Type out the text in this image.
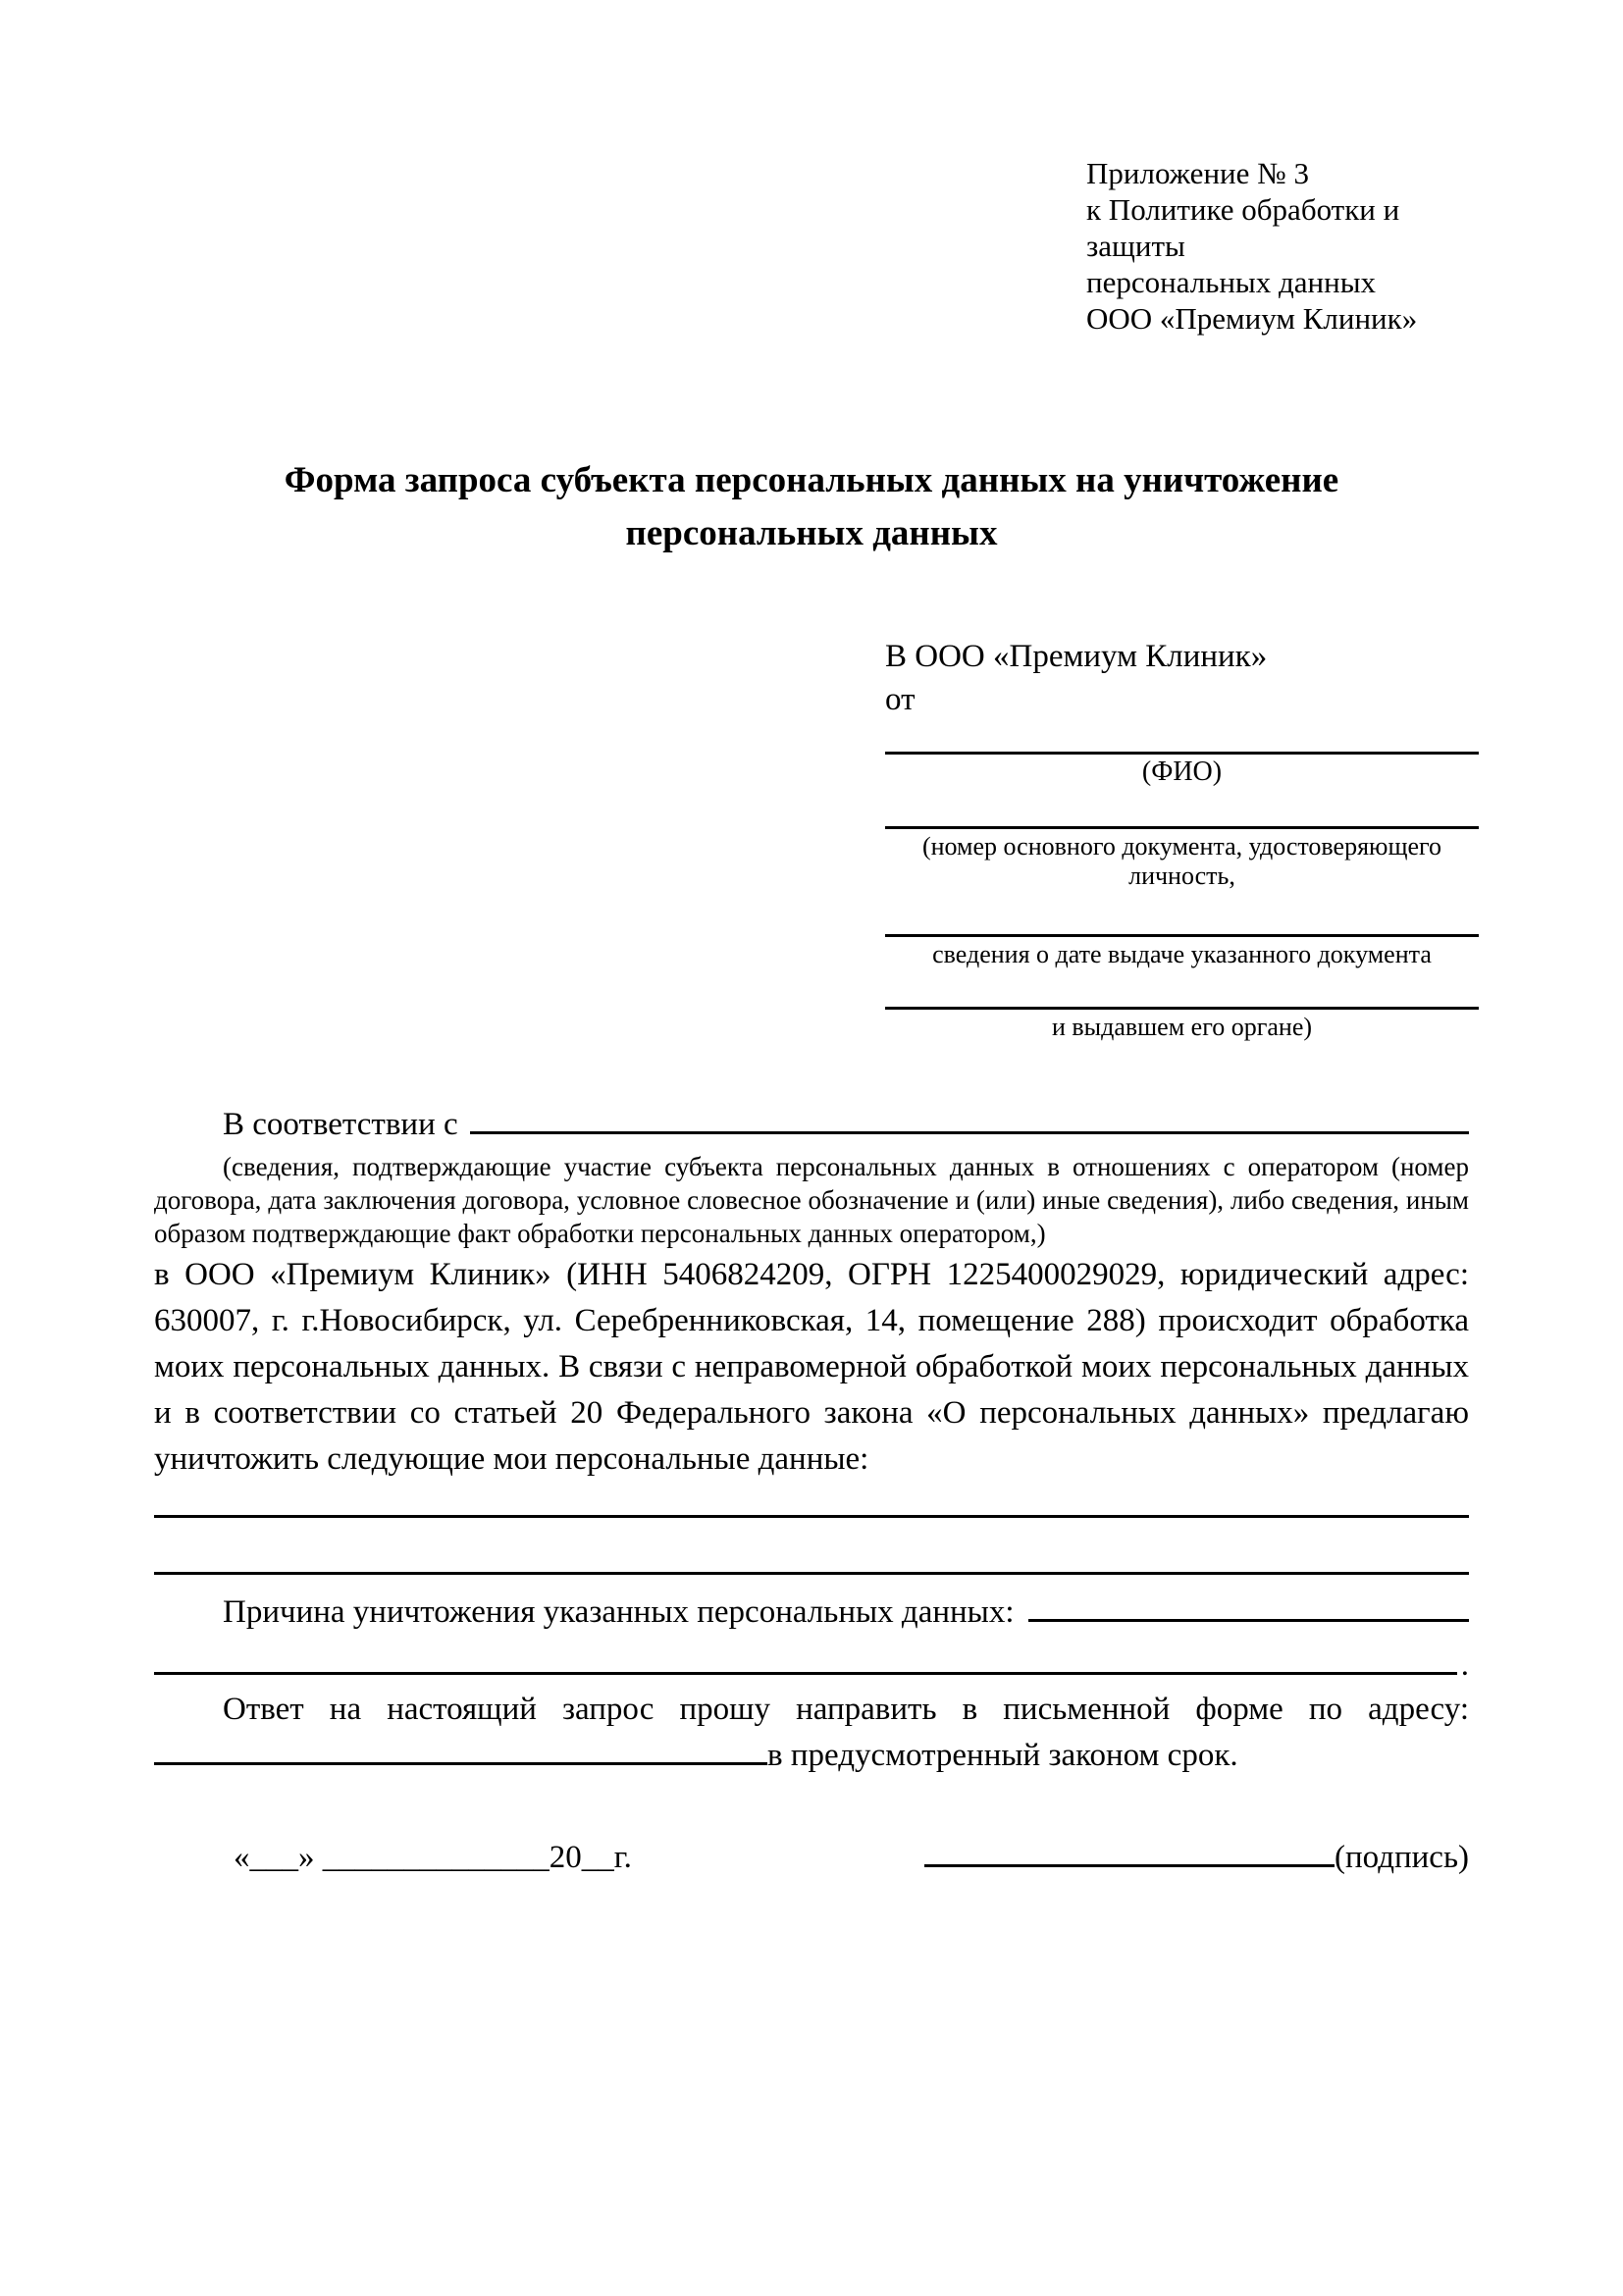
Приложение № 3
к Политике обработки и защиты
персональных данных
ООО «Премиум Клиник»
Форма запроса субъекта персональных данных на уничтожение персональных данных
В ООО «Премиум Клиник»
от
(ФИО)
(номер основного документа, удостоверяющего личность,
сведения о дате выдаче указанного документа
и выдавшем его органе)
В соответствии с
(сведения, подтверждающие участие субъекта персональных данных в отношениях с оператором (номер договора, дата заключения договора, условное словесное обозначение и (или) иные сведения), либо сведения, иным образом подтверждающие факт обработки персональных данных оператором,)
в ООО «Премиум Клиник» (ИНН 5406824209, ОГРН 1225400029029, юридический адрес: 630007, г. г.Новосибирск, ул. Серебренниковская, 14, помещение 288) происходит обработка моих персональных данных. В связи с неправомерной обработкой моих персональных данных и в соответствии со статьей 20 Федерального закона «О персональных данных» предлагаю уничтожить следующие мои персональные данные:
Причина уничтожения указанных персональных данных:
.
Ответ на настоящий запрос прошу направить в письменной форме по адресу:
в предусмотренный законом срок.
«___» ______________20__г.	(подпись)
